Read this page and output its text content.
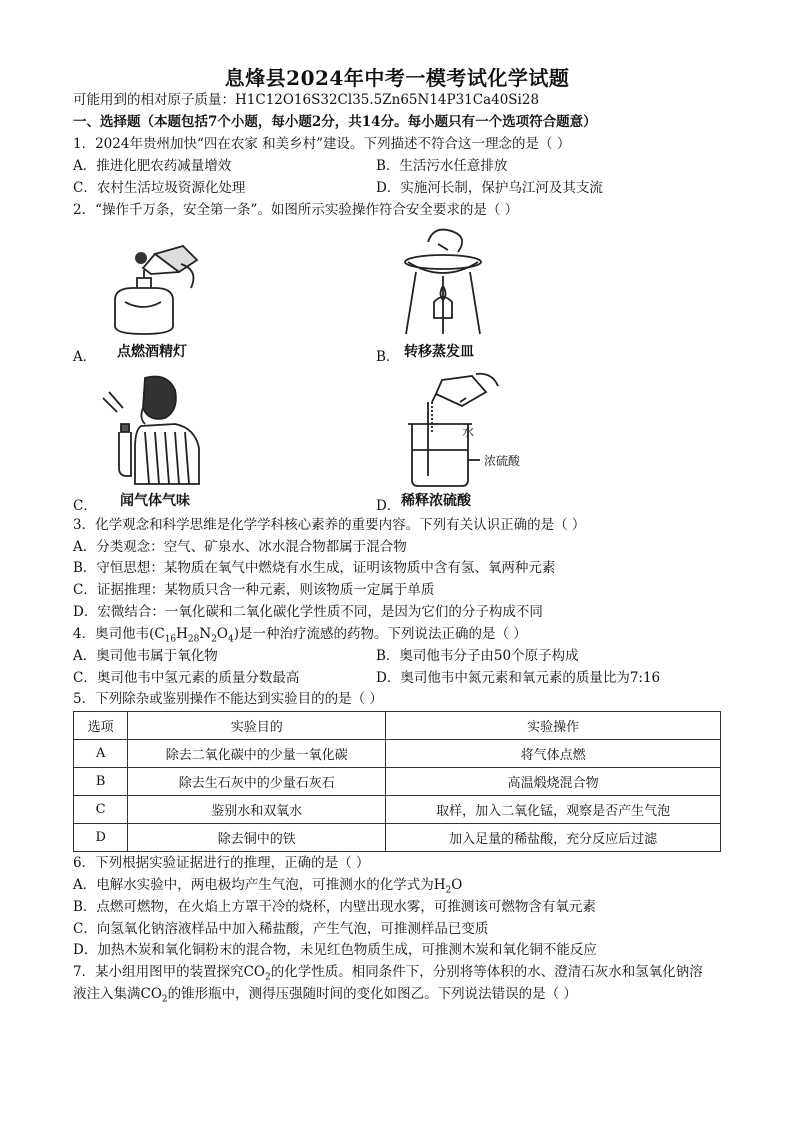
息烽县2024年中考一模考试化学试题
可能用到的相对原子质量：H1C12O16S32Cl35.5Zn65N14P31Ca40Si28
一、选择题（本题包括7个小题，每小题2分，共14分。每小题只有一个选项符合题意）
1．2024年贵州加快“四在农家 和美乡村”建设。下列描述不符合这一理念的是（ ）
A．推进化肥农药减量增效	B．生活污水任意排放
C．农村生活垃圾资源化处理	D．实施河长制，保护乌江河及其支流
2．“操作千万条，安全第一条”。如图所示实验操作符合安全要求的是（ ）
A． 点燃酒精灯	B． 转移蒸发皿
C． 闻气体气味
水
浓硫酸
D． 稀释浓硫酸
3．化学观念和科学思维是化学学科核心素养的重要内容。下列有关认识正确的是（ ）
A．分类观念：空气、矿泉水、冰水混合物都属于混合物
B．守恒思想：某物质在氧气中燃烧有水生成，证明该物质中含有氢、氧两种元素
C．证据推理：某物质只含一种元素，则该物质一定属于单质
D．宏微结合：一氧化碳和二氧化碳化学性质不同，是因为它们的分子构成不同
4．奥司他韦$(C_{16}H_{28}N_2O_4)$是一种治疗流感的药物。下列说法正确的是（ ）
A．奥司他韦属于氧化物	B．奥司他韦分子由50个原子构成
C．奥司他韦中氢元素的质量分数最高	D．奥司他韦中氮元素和氧元素的质量比为7:16
5．下列除杂或鉴别操作不能达到实验目的的是（ ）
选项	实验目的	实验操作
A	除去二氧化碳中的少量一氧化碳	将气体点燃
B	除去生石灰中的少量石灰石	高温煅烧混合物
C	鉴别水和双氧水	取样，加入二氧化锰，观察是否产生气泡
D	除去铜中的铁	加入足量的稀盐酸，充分反应后过滤
6．下列根据实验证据进行的推理，正确的是（ ）
A．电解水实验中，两电极均产生气泡，可推测水的化学式为$H_2O$
B．点燃可燃物，在火焰上方罩干冷的烧杯，内壁出现水雾，可推测该可燃物含有氧元素
C．向氢氧化钠溶液样品中加入稀盐酸，产生气泡，可推测样品已变质
D．加热木炭和氧化铜粉末的混合物，未见红色物质生成，可推测木炭和氧化铜不能反应
7．某小组用图甲的装置探究$CO_2$的化学性质。相同条件下，分别将等体积的水、澄清石灰水和氢氧化钠溶
液注入集满$CO_2$的锥形瓶中，测得压强随时间的变化如图乙。下列说法错误的是（ ）
